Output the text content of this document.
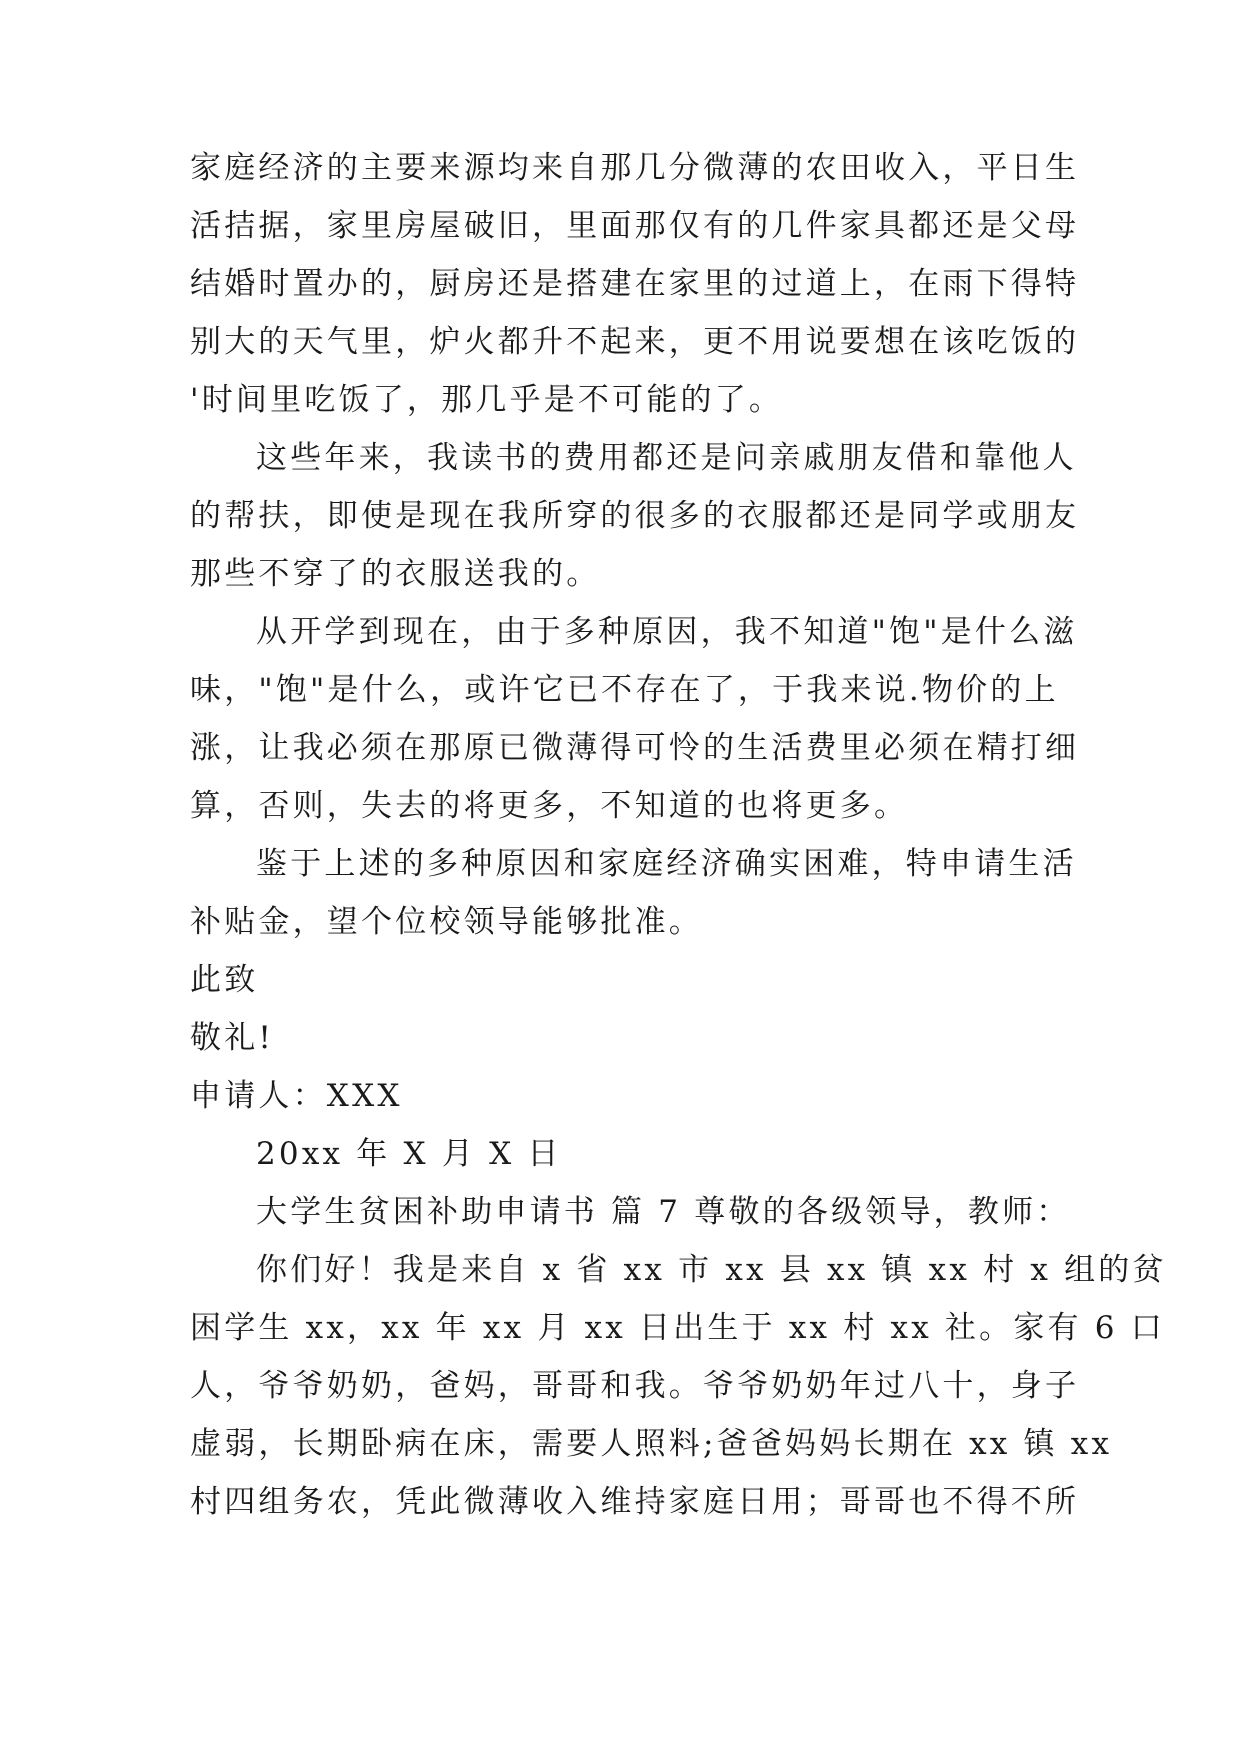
家庭经济的主要来源均来自那几分微薄的农田收入，平日生
活拮据，家里房屋破旧，里面那仅有的几件家具都还是父母
结婚时置办的，厨房还是搭建在家里的过道上，在雨下得特
别大的天气里，炉火都升不起来，更不用说要想在该吃饭的
'时间里吃饭了，那几乎是不可能的了。
这些年来，我读书的费用都还是问亲戚朋友借和靠他人
的帮扶，即使是现在我所穿的很多的衣服都还是同学或朋友
那些不穿了的衣服送我的。
从开学到现在，由于多种原因，我不知道"饱"是什么滋
味，"饱"是什么，或许它已不存在了，于我来说.物价的上
涨，让我必须在那原已微薄得可怜的生活费里必须在精打细
算，否则，失去的将更多，不知道的也将更多。
鉴于上述的多种原因和家庭经济确实困难，特申请生活
补贴金，望个位校领导能够批准。
此致
敬礼!
申请人：XXX
20xx 年 X 月 X 日
大学生贫困补助申请书 篇 7 尊敬的各级领导，教师：
你们好！我是来自 x 省 xx 市 xx 县 xx 镇 xx 村 x 组的贫
困学生 xx，xx 年 xx 月 xx 日出生于 xx 村 xx 社。家有 6 口
人，爷爷奶奶，爸妈，哥哥和我。爷爷奶奶年过八十，身子
虚弱，长期卧病在床，需要人照料;爸爸妈妈长期在 xx 镇 xx
村四组务农，凭此微薄收入维持家庭日用；哥哥也不得不所
